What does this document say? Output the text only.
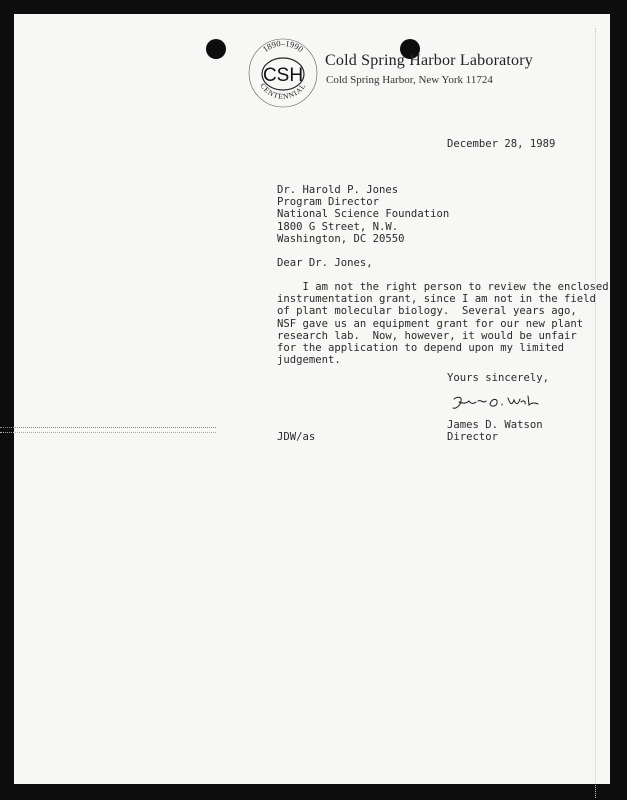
1890–1990
CENTENNIAL
CSH
Cold Spring Harbor Laboratory
Cold Spring Harbor, New York 11724
December 28, 1989
Dr. Harold P. Jones
Program Director
National Science Foundation
1800 G Street, N.W.
Washington, DC 20550
Dear Dr. Jones,
I am not the right person to review the enclosed
instrumentation grant, since I am not in the field
of plant molecular biology.  Several years ago,
NSF gave us an equipment grant for our new plant
research lab.  Now, however, it would be unfair
for the application to depend upon my limited
judgement.
Yours sincerely,
James D. Watson
Director
JDW/as
